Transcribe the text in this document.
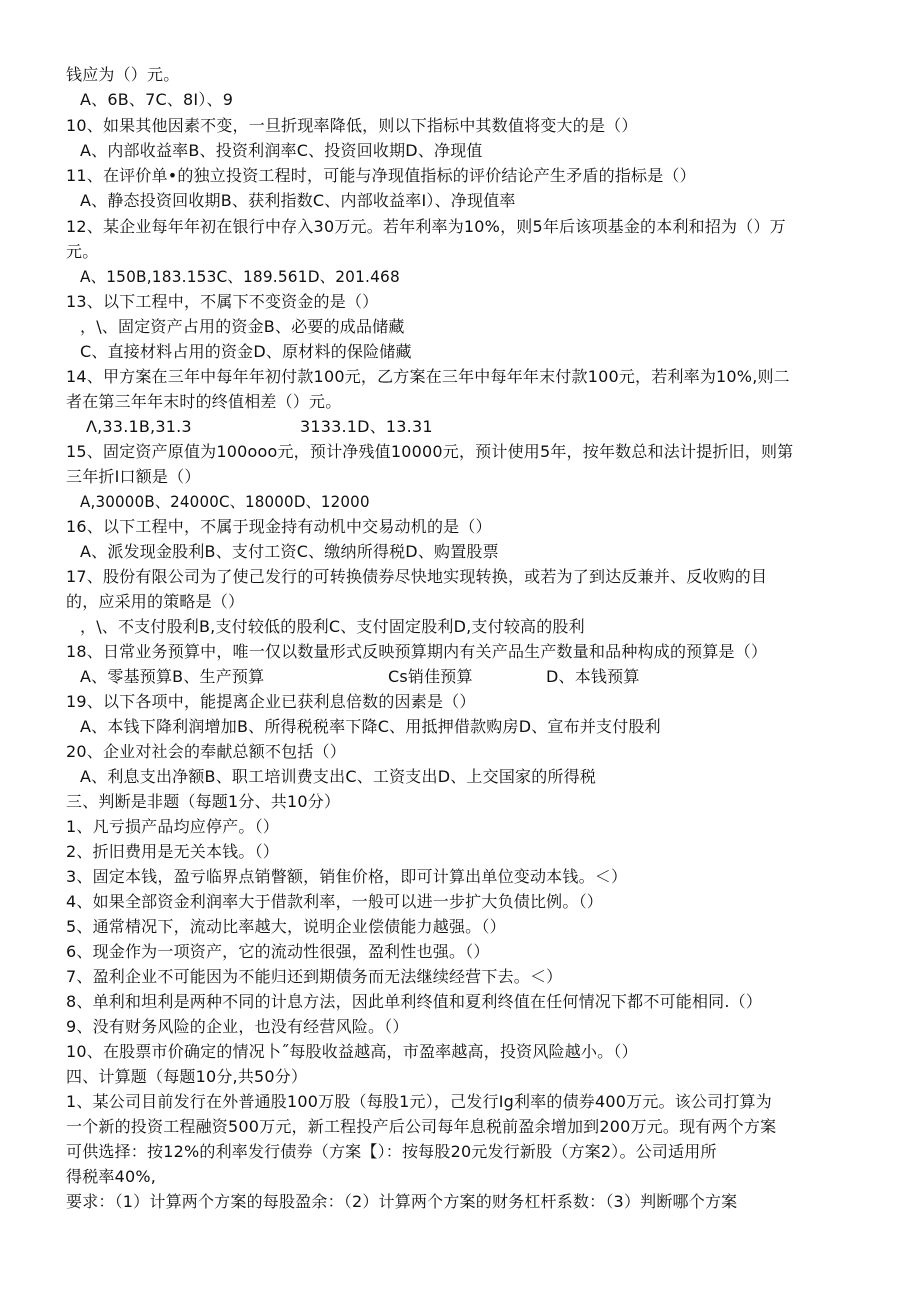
钱应为（）元。
A、6B、7C、8I）、9
10、如果其他因素不变，一旦折现率降低，则以下指标中其数值将变大的是（）
A、内部收益率B、投资利润率C、投资回收期D、净现值
11、在评价单•的独立投资工程时，可能与净现值指标的评价结论产生矛盾的指标是（）
A、静态投资回收期B、获利指数C、内部收益率I）、净现值率
12、某企业每年年初在银行中存入30万元。若年利率为10%，则5年后该项基金的本利和招为（）万
元。
A、150B,183.153C、189.561D、201.468
13、以下工程中，不属下不变资金的是（）
，\、固定资产占用的资金B、必要的成品储藏
C、直接材料占用的资金D、原材料的保险储藏
14、甲方案在三年中每年年初付款100元，乙方案在三年中每年年末付款100元，若利率为10%,则二
者在第三年年末时的终值相差（）元。
Λ,33.1B,31.3	3133.1D、13.31
15、固定资产原值为100ooo元，预计净残值10000元，预计使用5年，按年数总和法计提折旧，则第
三年折I口额是（）
A,30000B、24000C、18000D、12000
16、以下工程中，不属于现金持有动机中交易动机的是（）
A、派发现金股利B、支付工资C、缴纳所得税D、购置股票
17、股份有限公司为了使己发行的可转换债券尽快地实现转换，或若为了到达反兼并、反收购的目
的，应采用的策略是（）
，\、不支付股利B,支付较低的股利C、支付固定股利D,支付较高的股利
18、日常业务预算中，唯一仅以数量形式反映预算期内有关产品生产数量和品种构成的预算是（）
A、零基预算B、生产预算	Cs销佳预算	D、本钱预算
19、以下各项中，能提离企业已获利息倍数的因素是（）
A、本钱下降利润增加B、所得税税率下降C、用抵押借款购房D、宣布并支付股利
20、企业对社会的奉献总额不包括（）
A、利息支出净额B、职工培训费支出C、工资支出D、上交国家的所得税
三、判断是非题（每题1分、共10分）
1、凡亏损产品均应停产。（）
2、折旧费用是无关本钱。（）
3、固定本钱，盈亏临界点销瞥额，销隹价格，即可计算出单位变动本钱。＜）
4、如果全部资金利润率大于借款利率，一般可以进一步扩大负债比例。（）
5、通常棈况下，流动比率越大，说明企业偿债能力越强。（）
6、现金作为一项资产，它的流动性很强，盈利性也强。（）
7、盈利企业不可能因为不能归还到期债务而无法继续经营下去。＜）
8、单利和坦利是两种不同的计息方法，因此单利终值和夏利终值在任何情况下都不可能相同.（）
9、没有财务风险的企业，也没有经营风险。（）
10、在股票市价确定的情况卜˝每股收益越高，市盈率越高，投资风险越小。（）
四、计算题（每题10分,共50分）
1、某公司目前发行在外普通股100万股（每股1元），己发行Ig利率的债券400万元。该公司打算为
一个新的投资工程融资500万元，新工程投产后公司每年息税前盈余增加到200万元。现有两个方案
可供选择：按12%的利率发行债券（方案【）：按每股20元发行新股（方案2）。公司适用所
得税率40%,
要求：（1）计算两个方案的每股盈余：（2）计算两个方案的财务杠杆系数：（3）判断哪个方案
